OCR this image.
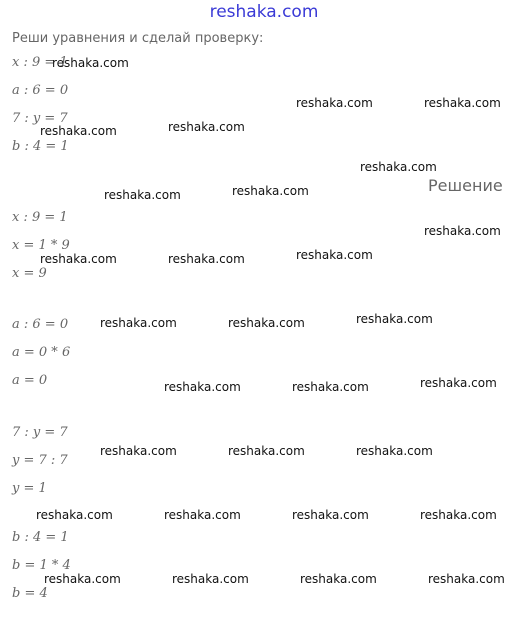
reshaka.com
Реши уравнения и сделай проверку:
x : 9 = 1
a : 6 = 0
7 : y = 7
b : 4 = 1
Решение
x : 9 = 1
x = 1 * 9
x = 9
a : 6 = 0
a = 0 * 6
a = 0
7 : y = 7
y = 7 : 7
y = 1
b : 4 = 1
b = 1 * 4
b = 4
reshaka.com
reshaka.com	reshaka.com
reshaka.com	reshaka.com
reshaka.com
reshaka.com	reshaka.com
reshaka.com
reshaka.com	reshaka.com	reshaka.com
reshaka.com	reshaka.com	reshaka.com
reshaka.com	reshaka.com	reshaka.com
reshaka.com	reshaka.com	reshaka.com
reshaka.com	reshaka.com	reshaka.com	reshaka.com
reshaka.com	reshaka.com	reshaka.com	reshaka.com
